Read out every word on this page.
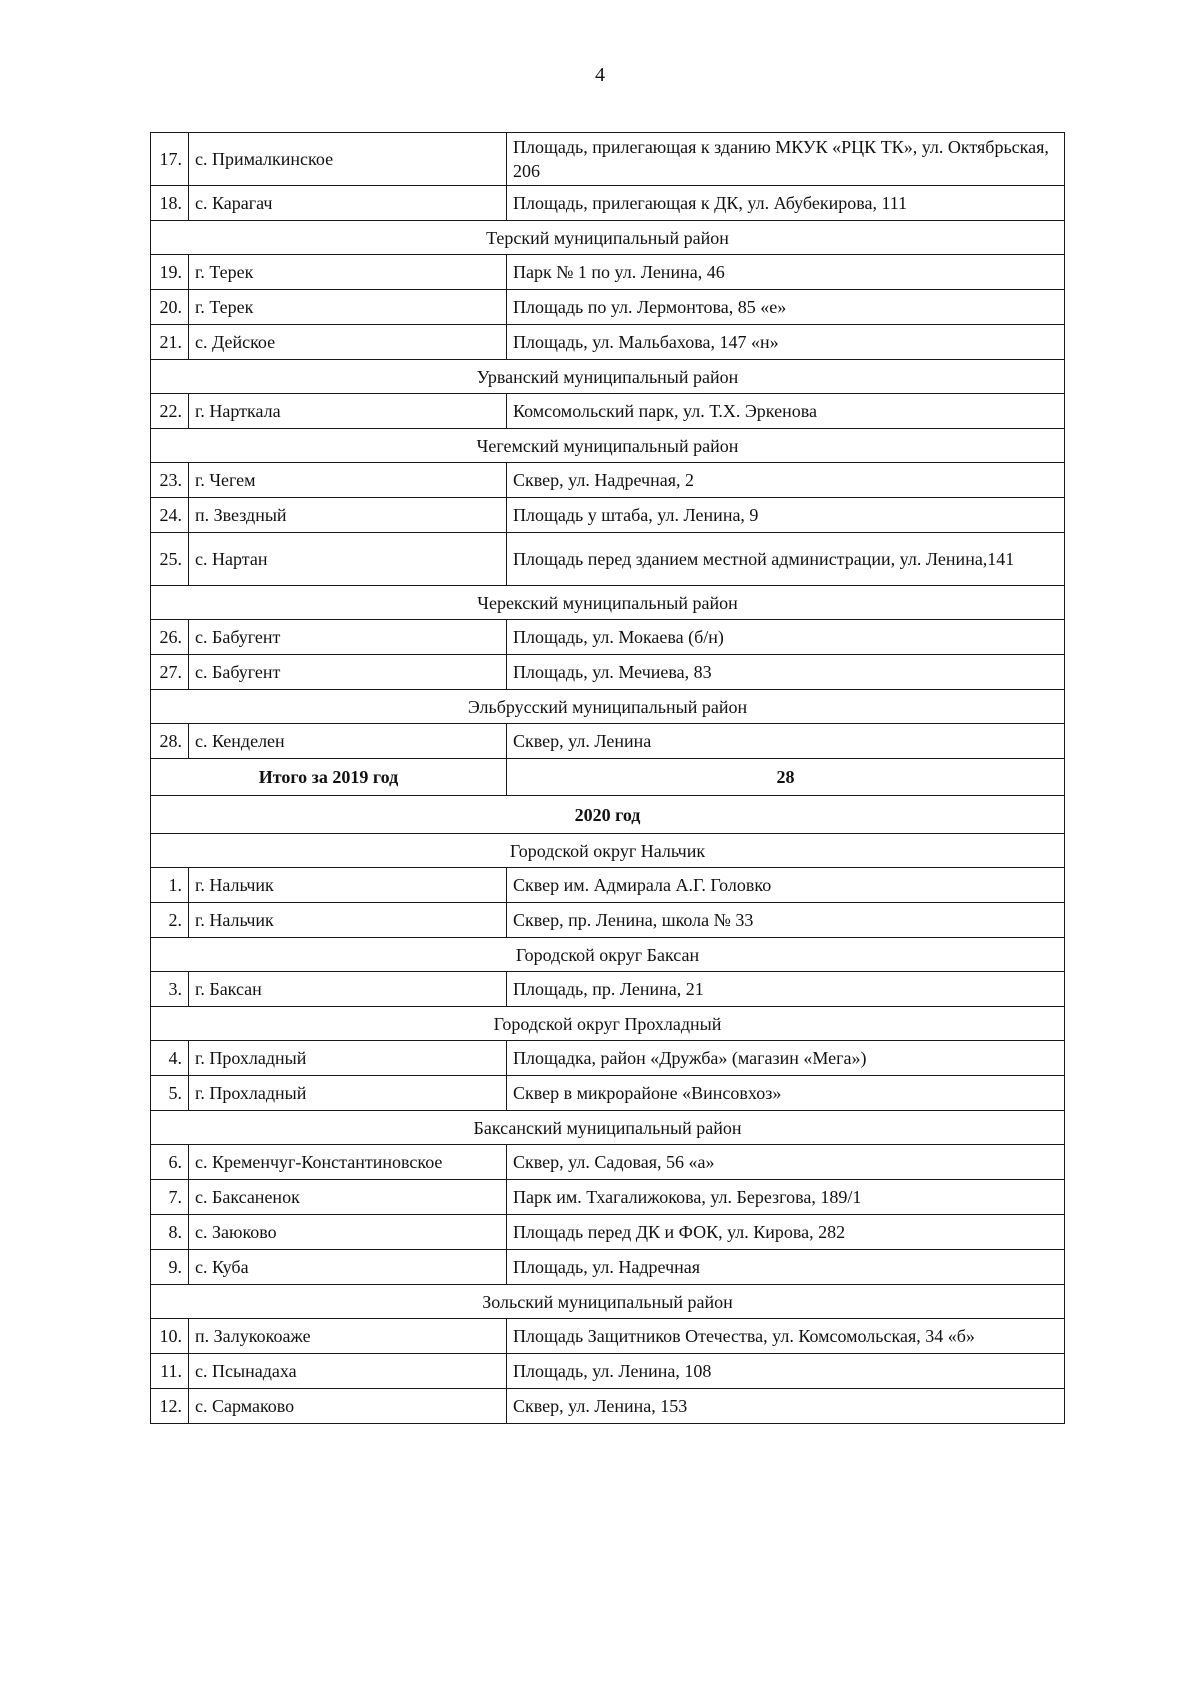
4
17.	с. Прималкинское	Площадь, прилегающая к зданию МКУК «РЦК ТК», ул. Октябрьская, 206
18.	с. Карагач	Площадь, прилегающая к ДК, ул. Абубекирова, 111
Терский муниципальный район		
19.	г. Терек	Парк № 1 по ул. Ленина, 46
20.	г. Терек	Площадь по ул. Лермонтова, 85 «е»
21.	с. Дейское	Площадь, ул. Мальбахова, 147 «н»
Урванский муниципальный район		
22.	г. Нарткала	Комсомольский парк, ул. Т.Х. Эркенова
Чегемский муниципальный район		
23.	г. Чегем	Сквер, ул. Надречная, 2
24.	п. Звездный	Площадь у штаба, ул. Ленина, 9
25.	с. Нартан	Площадь перед зданием местной администрации, ул. Ленина,141
Черекский муниципальный район		
26.	с. Бабугент	Площадь, ул. Мокаева (б/н)
27.	с. Бабугент	Площадь, ул. Мечиева, 83
Эльбрусский муниципальный район		
28.	с. Кенделен	Сквер, ул. Ленина
Итого за 2019 год		28
2020 год		
Городской округ Нальчик		
1.	г. Нальчик	Сквер им. Адмирала А.Г. Головко
2.	г. Нальчик	Сквер, пр. Ленина, школа № 33
Городской округ Баксан		
3.	г. Баксан	Площадь, пр. Ленина, 21
Городской округ Прохладный		
4.	г. Прохладный	Площадка, район «Дружба» (магазин «Мега»)
5.	г. Прохладный	Сквер в микрорайоне «Винсовхоз»
Баксанский муниципальный район		
6.	с. Кременчуг-Константиновское	Сквер, ул. Садовая, 56 «а»
7.	с. Баксаненок	Парк им. Тхагалижокова, ул. Березгова, 189/1
8.	с. Заюково	Площадь перед ДК и ФОК, ул. Кирова, 282
9.	с. Куба	Площадь, ул. Надречная
Зольский муниципальный район		
10.	п. Залукокоаже	Площадь Защитников Отечества, ул. Комсомольская, 34 «б»
11.	с. Псынадаха	Площадь, ул. Ленина, 108
12.	с. Сармаково	Сквер, ул. Ленина, 153
